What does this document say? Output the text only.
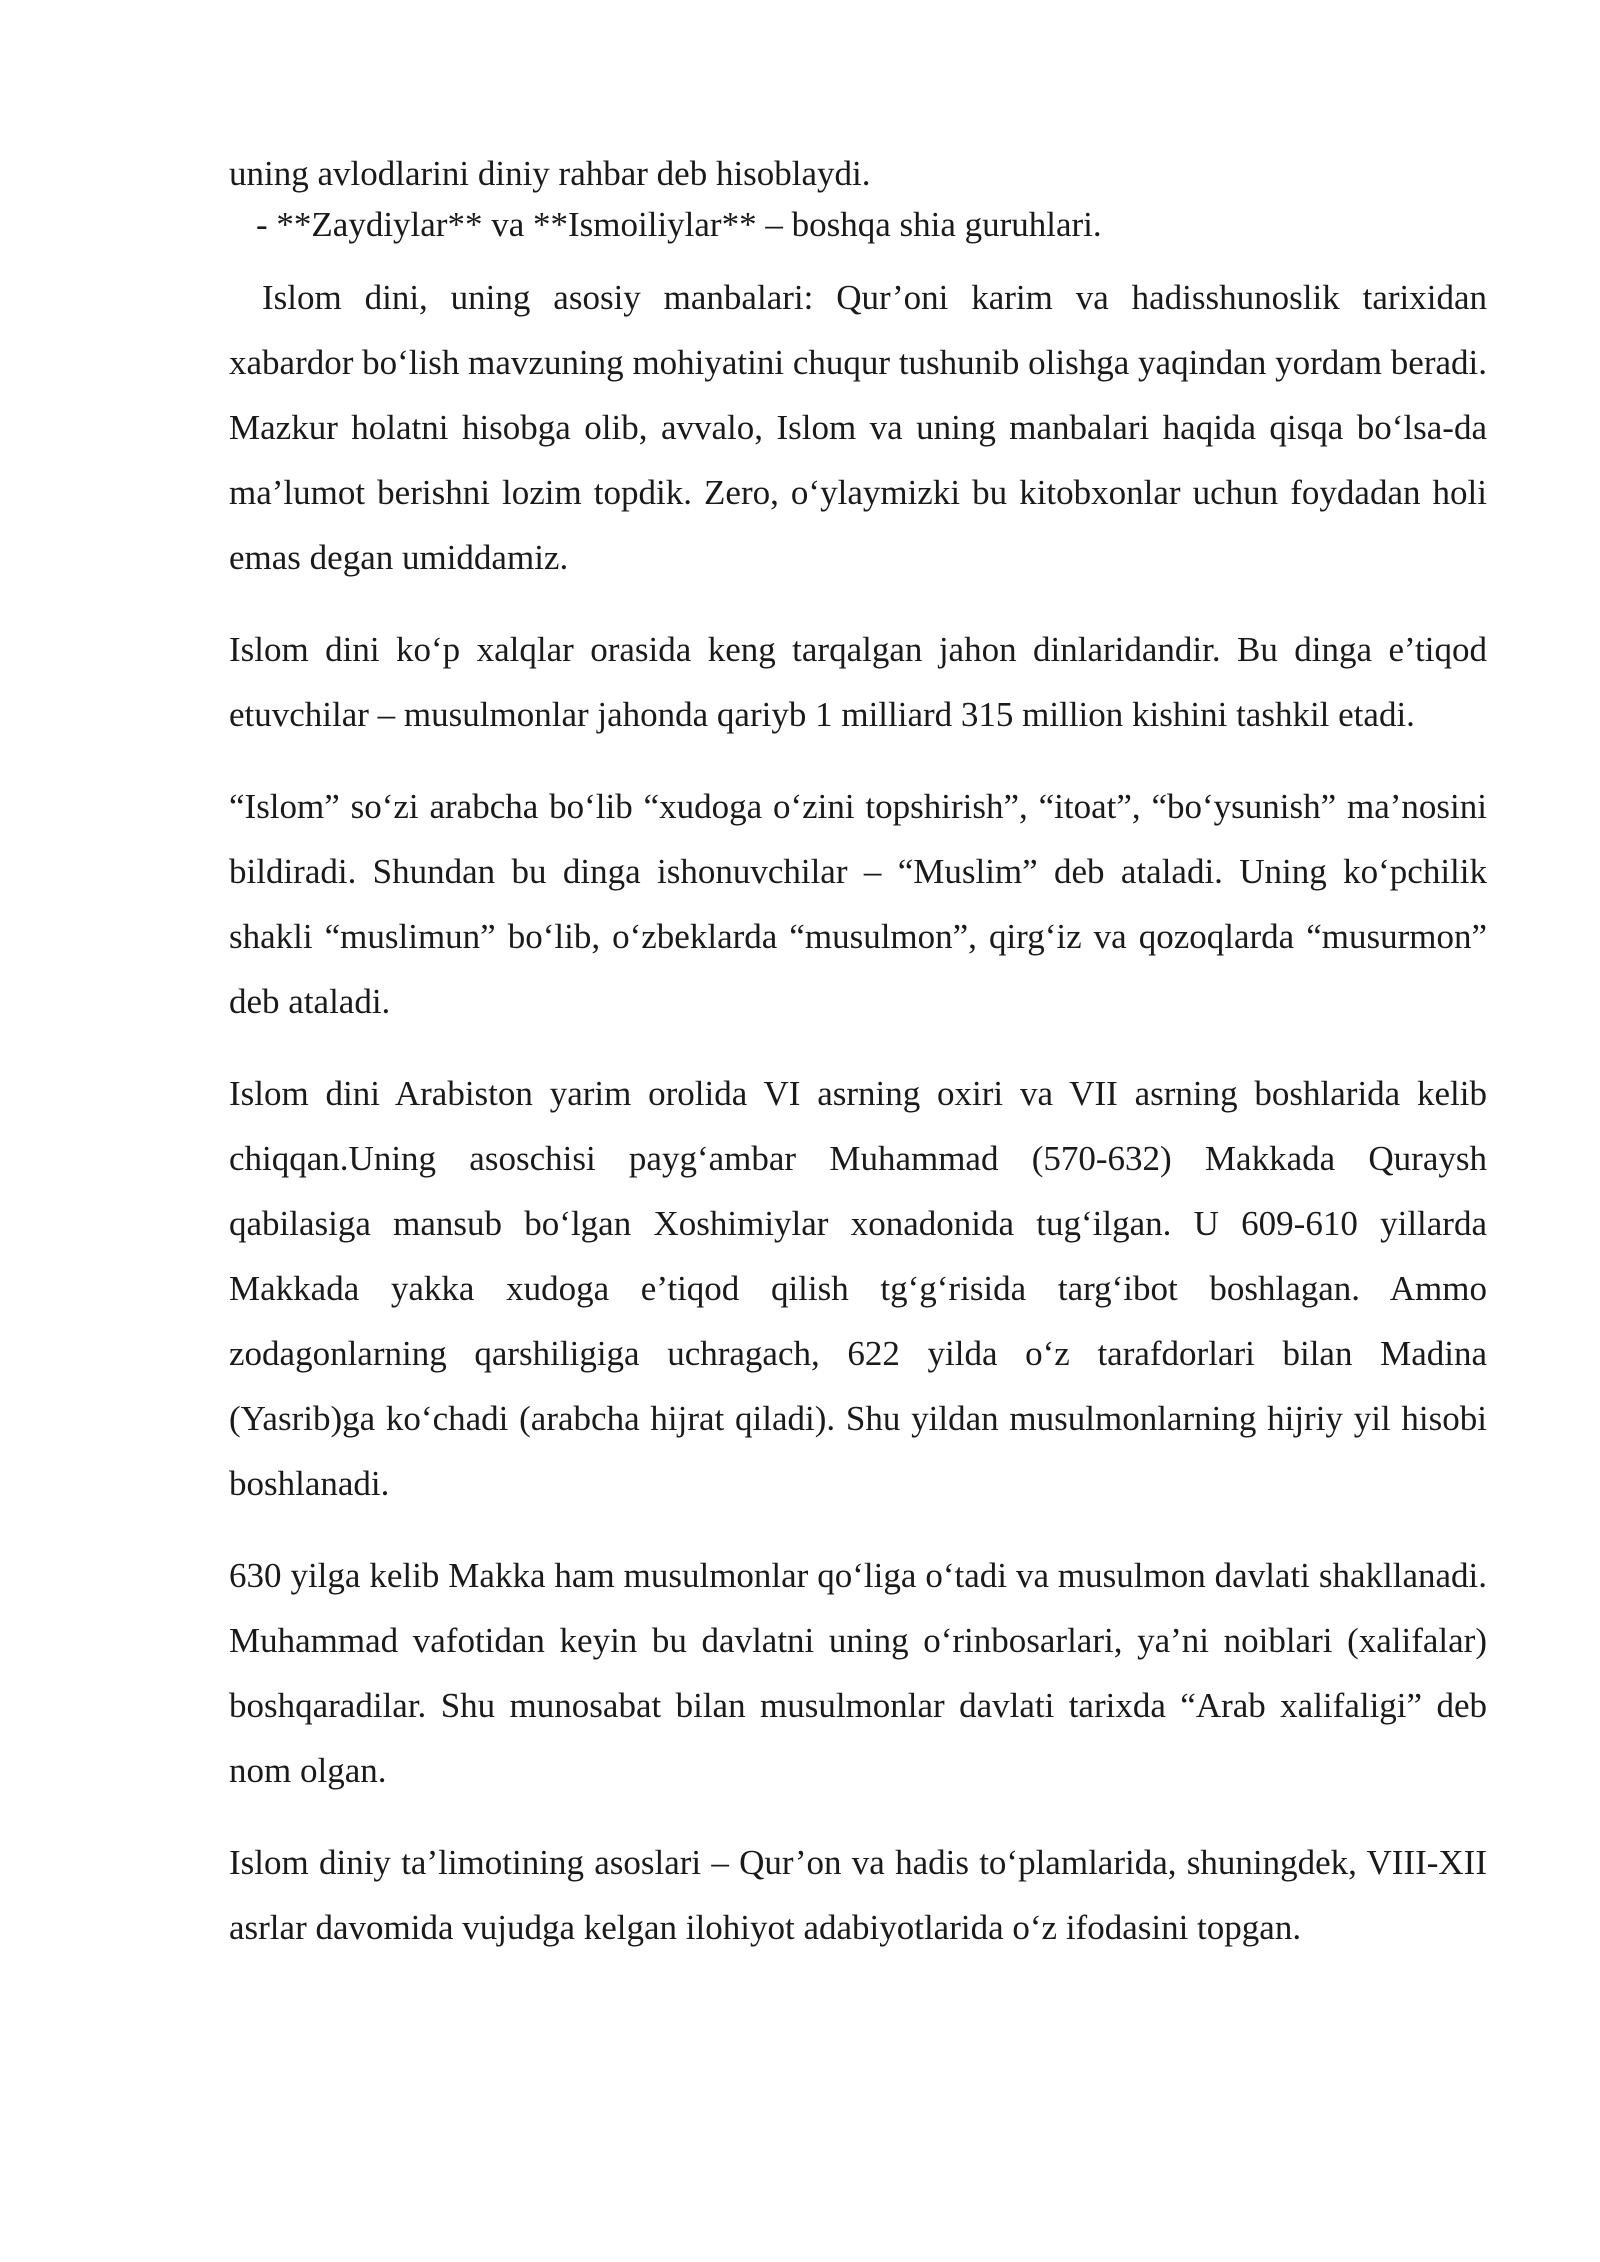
uning avlodlarini diniy rahbar deb hisoblaydi.

- **Zaydiylar** va **Ismoiliylar** – boshqa shia guruhlari.

Islom dini, uning asosiy manbalari: Qur’oni karim va hadisshunoslik tarixidan xabardor bo‘lish mavzuning mohiyatini chuqur tushunib olishga yaqindan yordam beradi. Mazkur holatni hisobga olib, avvalo, Islom va uning manbalari haqida qisqa bo‘lsa-da ma’lumot berishni lozim topdik. Zero, o‘ylaymizki bu kitobxonlar uchun foydadan holi emas degan umiddamiz.

Islom dini ko‘p xalqlar orasida keng tarqalgan jahon dinlaridandir. Bu dinga e’tiqod etuvchilar – musulmonlar jahonda qariyb 1 milliard 315 million kishini tashkil etadi.

“Islom” so‘zi arabcha bo‘lib “xudoga o‘zini topshirish”, “itoat”, “bo‘ysunish” ma’nosini bildiradi. Shundan bu dinga ishonuvchilar – “Muslim” deb ataladi. Uning ko‘pchilik shakli “muslimun” bo‘lib, o‘zbeklarda “musulmon”, qirg‘iz va qozoqlarda “musurmon” deb ataladi.

Islom dini Arabiston yarim orolida VI asrning oxiri va VII asrning boshlarida kelib chiqqan.Uning asoschisi payg‘ambar Muhammad (570-632) Makkada Quraysh qabilasiga mansub bo‘lgan Xoshimiylar xonadonida tug‘ilgan. U 609-610 yillarda Makkada yakka xudoga e’tiqod qilish tg‘g‘risida targ‘ibot boshlagan. Ammo zodagonlarning qarshiligiga uchragach, 622 yilda o‘z tarafdorlari bilan Madina (Yasrib)ga ko‘chadi (arabcha hijrat qiladi). Shu yildan musulmonlarning hijriy yil hisobi boshlanadi.

630 yilga kelib Makka ham musulmonlar qo‘liga o‘tadi va musulmon davlati shakllanadi. Muhammad vafotidan keyin bu davlatni uning o‘rinbosarlari, ya’ni noiblari (xalifalar) boshqaradilar. Shu munosabat bilan musulmonlar davlati tarixda “Arab xalifaligi” deb nom olgan.

Islom diniy ta’limotining asoslari – Qur’on va hadis to‘plamlarida, shuningdek, VIII-XII asrlar davomida vujudga kelgan ilohiyot adabiyotlarida o‘z ifodasini topgan.
